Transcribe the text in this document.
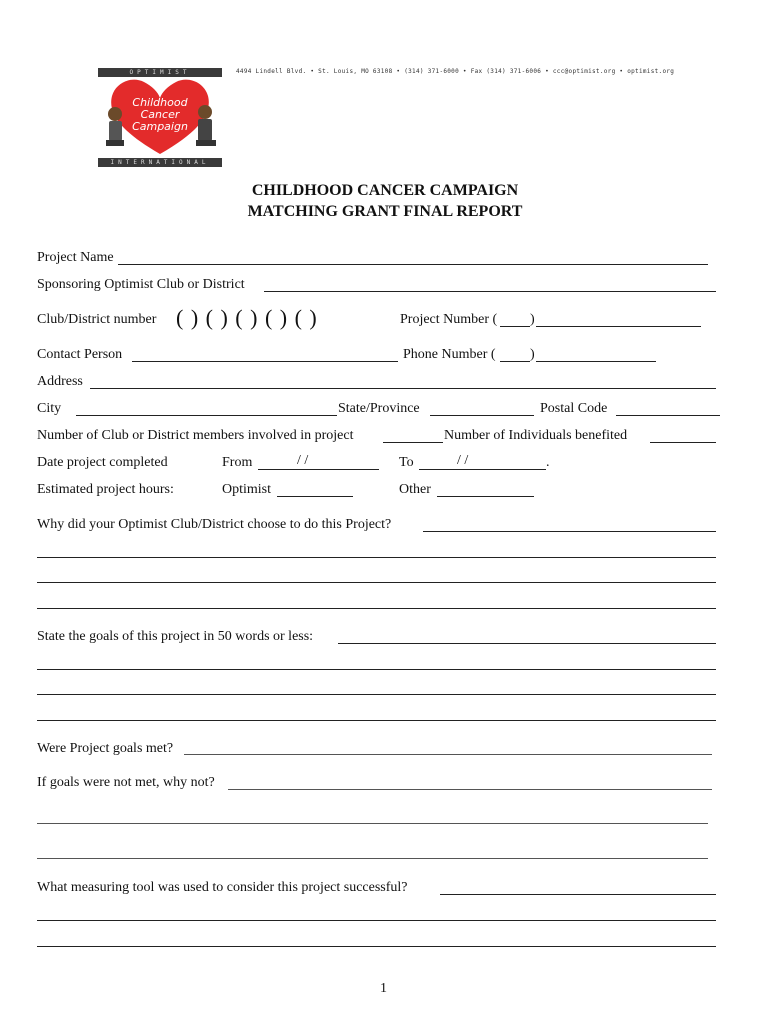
OPTIMIST
Childhood
Cancer
Campaign
INTERNATIONAL
4494 Lindell Blvd. • St. Louis, MO 63108 • (314) 371-6000 • Fax (314) 371-6006 • ccc@optimist.org • optimist.org
CHILDHOOD CANCER CAMPAIGN
MATCHING GRANT FINAL REPORT
Project Name
Sponsoring Optimist Club or District
Club/District number ( ) ( ) ( ) ( ) ( )	Project Number ( )
Contact Person	Phone Number ( )
Address
City	State/Province	Postal Code
Number of Club or District members involved in project	Number of Individuals benefited
Date project completed	From	/ /	To	/ /	.
Estimated project hours:	Optimist	Other
Why did your Optimist Club/District choose to do this Project?
State the goals of this project in 50 words or less:
Were Project goals met?
If goals were not met, why not?
What measuring tool was used to consider this project successful?
1
